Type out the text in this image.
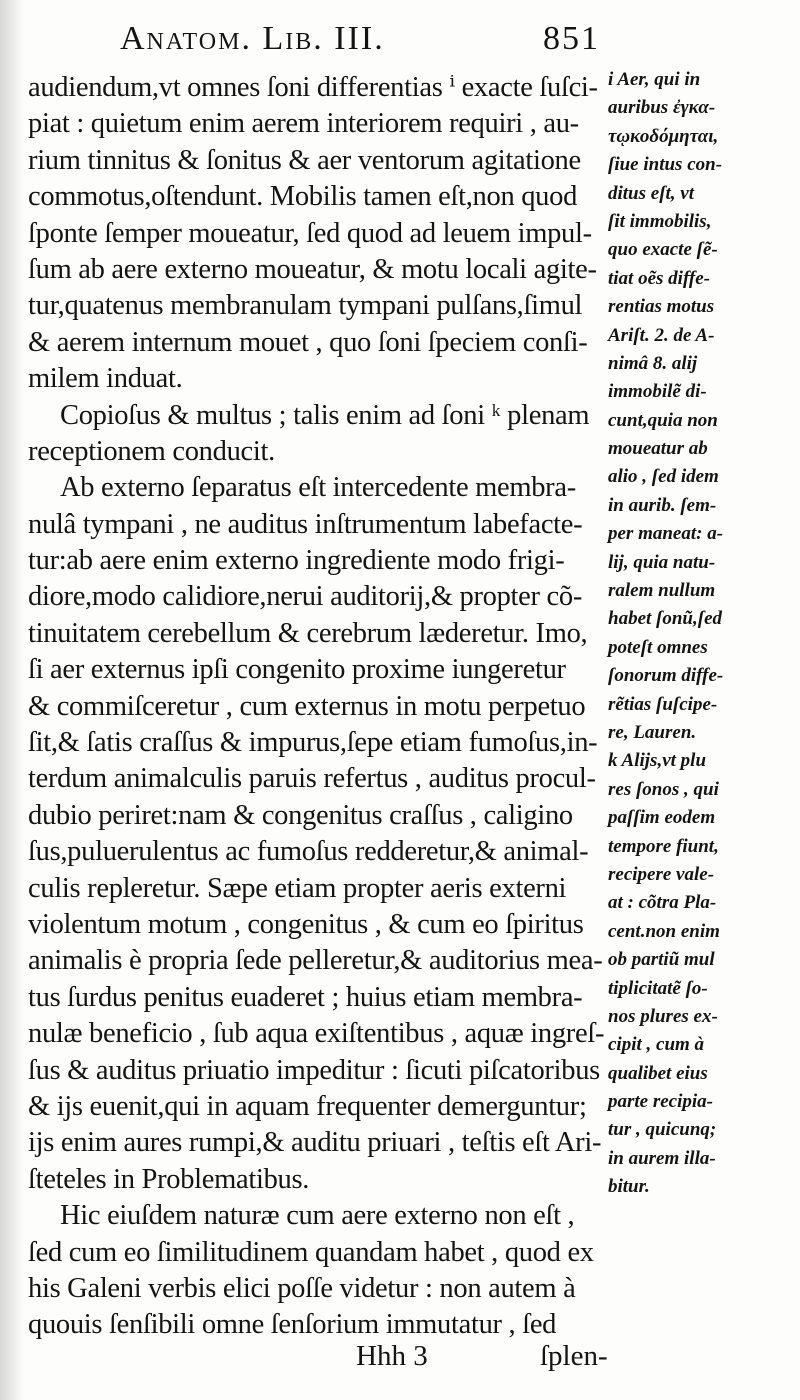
Anatom. Lib. III.	851
audiendum,vt omnes ſoni differentias ⁱ exacte ſuſci-
piat : quietum enim aerem interiorem requiri , au-
rium tinnitus & ſonitus & aer ventorum agitatione
commotus,oſtendunt. Mobilis tamen eſt,non quod
ſponte ſemper moueatur, ſed quod ad leuem impul-
ſum ab aere externo moueatur, & motu locali agite-
tur,quatenus membranulam tympani pulſans,ſimul
& aerem internum mouet , quo ſoni ſpeciem conſi-
milem induat.
Copioſus & multus ; talis enim ad ſoni ᵏ plenam
receptionem conducit.
Ab externo ſeparatus eſt intercedente membra-
nulâ tympani , ne auditus inſtrumentum labefacte-
tur:ab aere enim externo ingrediente modo frigi-
diore,modo calidiore,nerui auditorij,& propter cõ-
tinuitatem cerebellum & cerebrum læderetur. Imo,
ſi aer externus ipſi congenito proxime iungeretur
& commiſceretur , cum externus in motu perpetuo
ſit,& ſatis craſſus & impurus,ſepe etiam fumoſus,in-
terdum animalculis paruis refertus , auditus procul-
dubio periret:nam & congenitus craſſus , caligino
ſus,puluerulentus ac fumoſus redderetur,& animal-
culis repleretur. Sæpe etiam propter aeris externi
violentum motum , congenitus , & cum eo ſpiritus
animalis è propria ſede pelleretur,& auditorius mea-
tus ſurdus penitus euaderet ; huius etiam membra-
nulæ beneficio , ſub aqua exiſtentibus , aquæ ingreſ-
ſus & auditus priuatio impeditur : ſicuti piſcatoribus
& ijs euenit,qui in aquam frequenter demerguntur;
ijs enim aures rumpi,& auditu priuari , teſtis eſt Ari-
ſteteles in Problematibus.
Hic eiuſdem naturæ cum aere externo non eſt ,
ſed cum eo ſimilitudinem quandam habet , quod ex
his Galeni verbis elici poſſe videtur : non autem à
quouis ſenſibili omne ſenſorium immutatur , ſed
i Aer, qui in
auribus ἐγκα-
τῳκοδόμηται,
ſiue intus con-
ditus eſt, vt
ſit immobilis,
quo exacte ſẽ-
tiat oẽs diffe-
rentias motus
Ariſt. 2. de A-
nimâ 8. alij
immobilẽ di-
cunt,quia non
moueatur ab
alio , ſed idem
in aurib. ſem-
per maneat: a-
lij, quia natu-
ralem nullum
habet ſonũ,ſed
poteſt omnes
ſonorum diffe-
rẽtias ſuſcipe-
re, Lauren.
k Alijs,vt plu
res ſonos , qui
paſſim eodem
tempore fiunt,
recipere vale-
at : cõtra Pla-
cent.non enim
ob partiũ mul
tiplicitatẽ ſo-
nos plures ex-
cipit , cum à
qualibet eius
parte recipia-
tur , quicunq;
in aurem illa-
bitur.
Hhh 3	ſplen-
